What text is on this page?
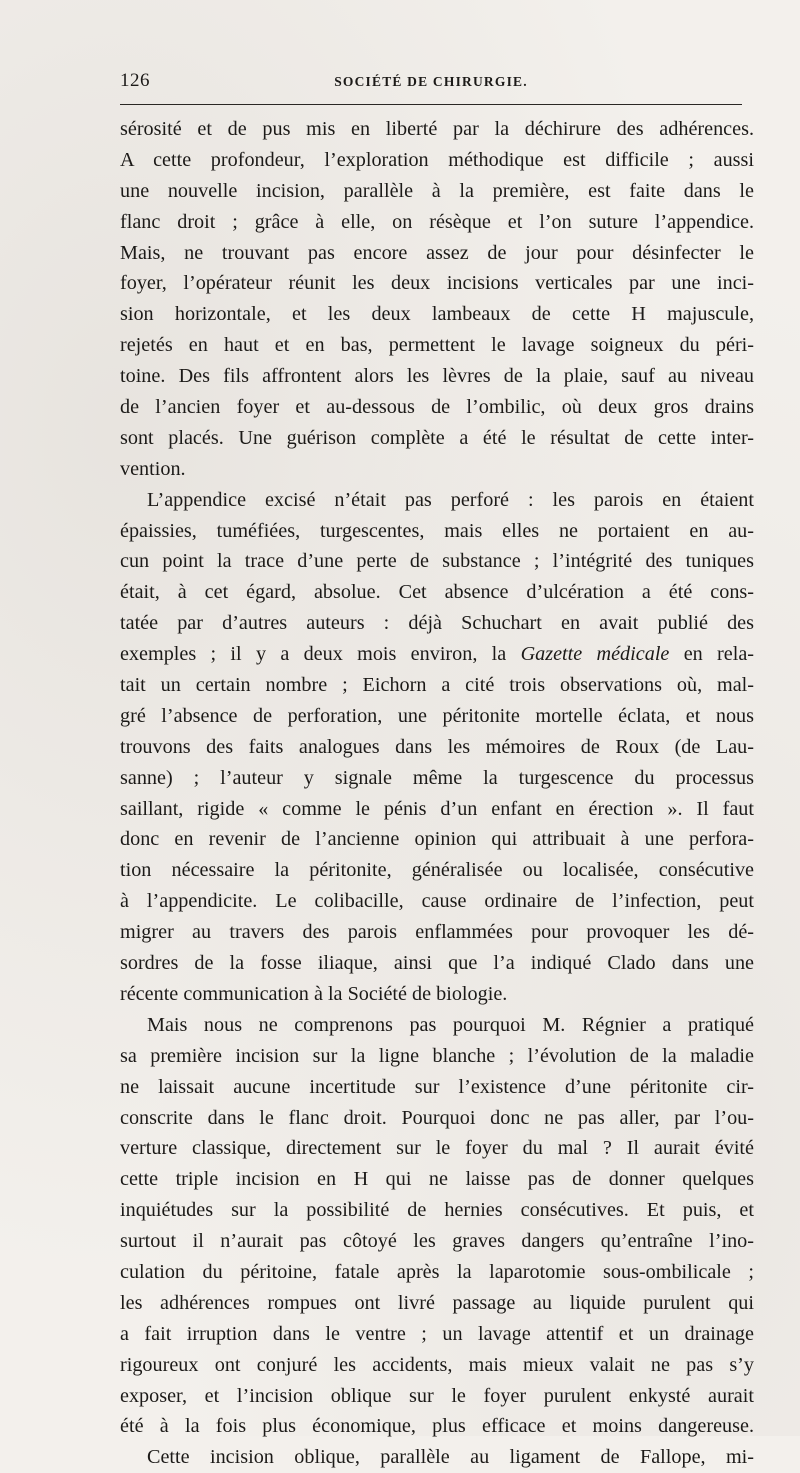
126	SOCIÉTÉ DE CHIRURGIE.
sérosité et de pus mis en liberté par la déchirure des adhérences.
A cette profondeur, l’exploration méthodique est difficile ; aussi
une nouvelle incision, parallèle à la première, est faite dans le
flanc droit ; grâce à elle, on résèque et l’on suture l’appendice.
Mais, ne trouvant pas encore assez de jour pour désinfecter le
foyer, l’opérateur réunit les deux incisions verticales par une inci-
sion horizontale, et les deux lambeaux de cette H majuscule,
rejetés en haut et en bas, permettent le lavage soigneux du péri-
toine. Des fils affrontent alors les lèvres de la plaie, sauf au niveau
de l’ancien foyer et au-dessous de l’ombilic, où deux gros drains
sont placés. Une guérison complète a été le résultat de cette inter-
vention.
L’appendice excisé n’était pas perforé : les parois en étaient
épaissies, tuméfiées, turgescentes, mais elles ne portaient en au-
cun point la trace d’une perte de substance ; l’intégrité des tuniques
était, à cet égard, absolue. Cet absence d’ulcération a été cons-
tatée par d’autres auteurs : déjà Schuchart en avait publié des
exemples ; il y a deux mois environ, la Gazette médicale en rela-
tait un certain nombre ; Eichorn a cité trois observations où, mal-
gré l’absence de perforation, une péritonite mortelle éclata, et nous
trouvons des faits analogues dans les mémoires de Roux (de Lau-
sanne) ; l’auteur y signale même la turgescence du processus
saillant, rigide « comme le pénis d’un enfant en érection ». Il faut
donc en revenir de l’ancienne opinion qui attribuait à une perfora-
tion nécessaire la péritonite, généralisée ou localisée, consécutive
à l’appendicite. Le colibacille, cause ordinaire de l’infection, peut
migrer au travers des parois enflammées pour provoquer les dé-
sordres de la fosse iliaque, ainsi que l’a indiqué Clado dans une
récente communication à la Société de biologie.
Mais nous ne comprenons pas pourquoi M. Régnier a pratiqué
sa première incision sur la ligne blanche ; l’évolution de la maladie
ne laissait aucune incertitude sur l’existence d’une péritonite cir-
conscrite dans le flanc droit. Pourquoi donc ne pas aller, par l’ou-
verture classique, directement sur le foyer du mal ? Il aurait évité
cette triple incision en H qui ne laisse pas de donner quelques
inquiétudes sur la possibilité de hernies consécutives. Et puis, et
surtout il n’aurait pas côtoyé les graves dangers qu’entraîne l’ino-
culation du péritoine, fatale après la laparotomie sous-ombilicale ;
les adhérences rompues ont livré passage au liquide purulent qui
a fait irruption dans le ventre ; un lavage attentif et un drainage
rigoureux ont conjuré les accidents, mais mieux valait ne pas s’y
exposer, et l’incision oblique sur le foyer purulent enkysté aurait
été à la fois plus économique, plus efficace et moins dangereuse.
Cette incision oblique, parallèle au ligament de Fallope, mi-
